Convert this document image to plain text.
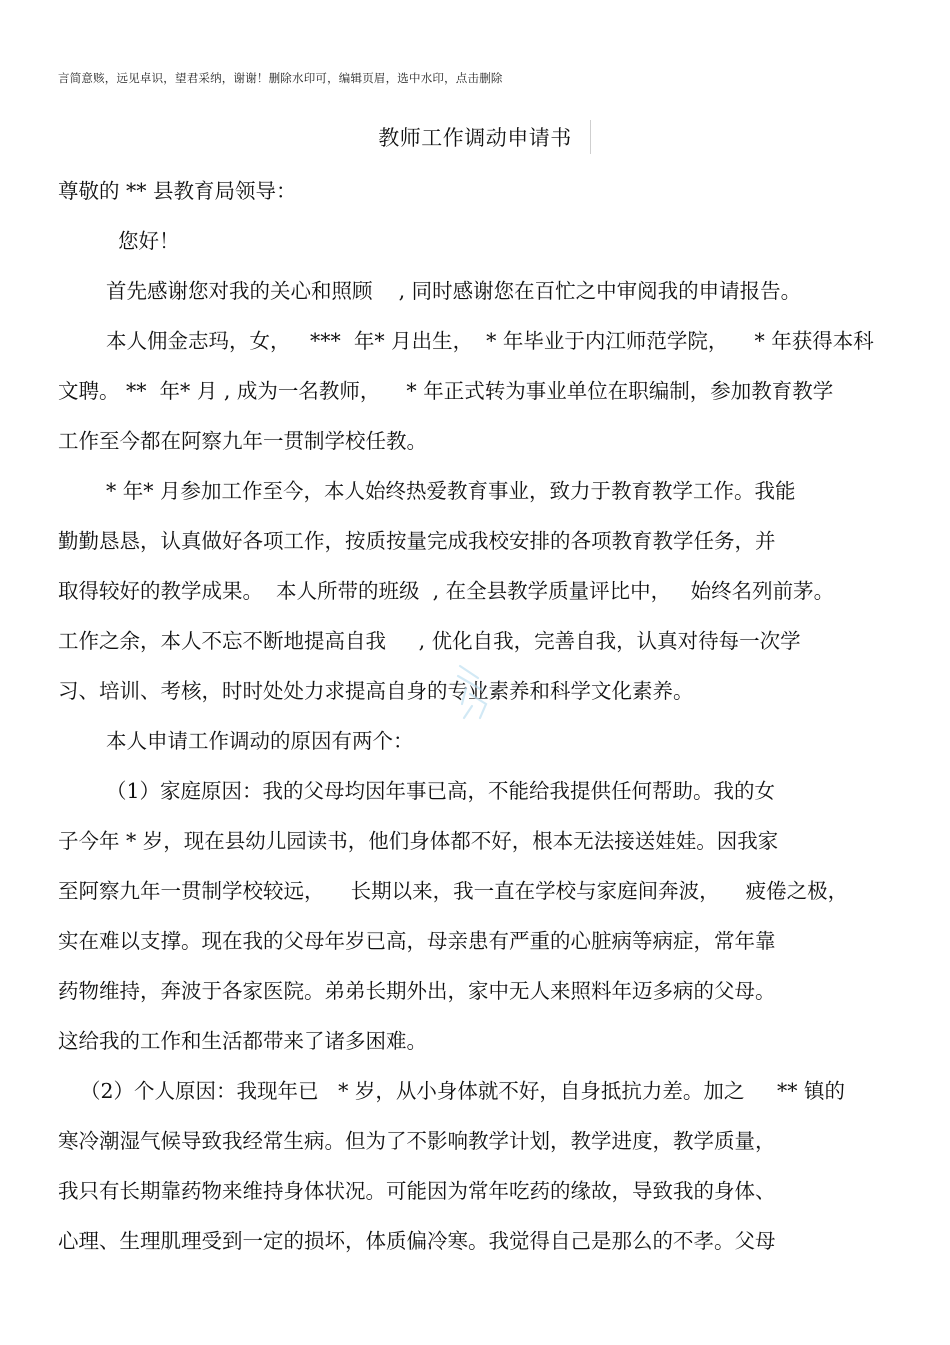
言简意赅，远见卓识，望君采纳，谢谢！删除水印可，编辑页眉，选中水印，点击删除
教师工作调动申请书
尊敬的 ** 县教育局领导：
您好！
首先感谢您对我的关心和照顾    , 同时感谢您在百忙之中审阅我的申请报告。
本人佣金志玛，女，   ***  年* 月出生，  * 年毕业于内江师范学院，    * 年获得本科
文聘。 **  年* 月 , 成为一名教师，    * 年正式转为事业单位在职编制，参加教育教学
工作至今都在阿察九年一贯制学校任教。
* 年* 月参加工作至今，本人始终热爱教育事业，致力于教育教学工作。我能
勤勤恳恳，认真做好各项工作，按质按量完成我校安排的各项教育教学任务，并
取得较好的教学成果。  本人所带的班级  , 在全县教学质量评比中，   始终名列前茅。
工作之余，本人不忘不断地提高自我     , 优化自我，完善自我，认真对待每一次学
习、培训、考核，时时处处力求提高自身的专业素养和科学文化素养。
本人申请工作调动的原因有两个：
（1）家庭原因：我的父母均因年事已高，不能给我提供任何帮助。我的女
子今年 * 岁，现在县幼儿园读书，他们身体都不好，根本无法接送娃娃。因我家
至阿察九年一贯制学校较远，    长期以来，我一直在学校与家庭间奔波，    疲倦之极，
实在难以支撑。现在我的父母年岁已高，母亲患有严重的心脏病等病症，常年靠
药物维持，奔波于各家医院。弟弟长期外出，家中无人来照料年迈多病的父母。
这给我的工作和生活都带来了诸多困难。
（2）个人原因：我现年已   * 岁，从小身体就不好，自身抵抗力差。加之     ** 镇的
寒冷潮湿气候导致我经常生病。但为了不影响教学计划，教学进度，教学质量，
我只有长期靠药物来维持身体状况。可能因为常年吃药的缘故，导致我的身体、
心理、生理肌理受到一定的损坏，体质偏冷寒。我觉得自己是那么的不孝。父母
